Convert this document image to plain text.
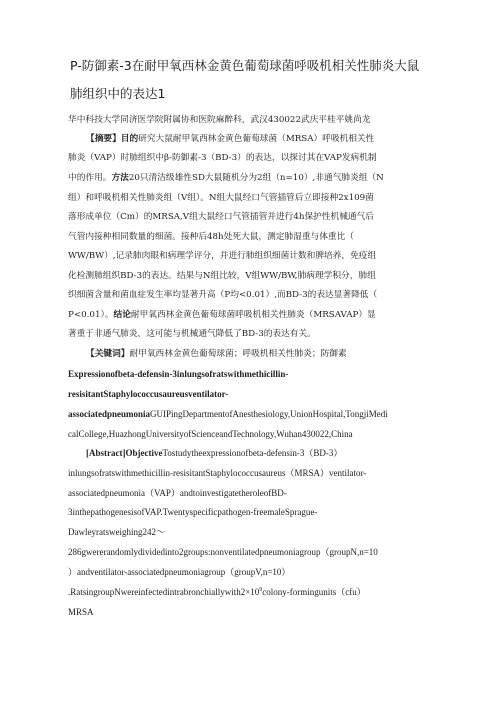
P-防御素-3在耐甲氧西林金黄色葡萄球菌呼吸机相关性肺炎大鼠
肺组织中的表达1
华中科技大学同济医学院附属协和医院麻醉科，武汉430022武庆平桂平姚尚龙
【摘要】目的研究大鼠耐甲氧西林金黄色葡萄球菌（MRSA）呼吸机相关性
肺炎（VAP）时肺组织中β-防御素-3（BD-3）的表达，以探讨其在VAP发病机制
中的作用。方法20只清洁级雄性SD大鼠随机分为2组（n=10）,非通气肺炎组（N
组）和呼吸机相关性肺炎组（V组）。N组大鼠经口气管插管后立即接种2x109菌
落形成单位（Cm）的MRSA,V组大鼠经口气管插管并进行4h保护性机械通气后
气管内接种相同数量的细菌。接种后48h处死大鼠，测定肺湿重与体重比（
WW/BW）,记录肺肉眼和病理学评分，并进行肺组织细菌计数和脾培养，免疫组
化检测肺组织BD-3的表达。结果与N组比较，V组WW/BW,肺病理学积分，肺组
织细菌含量和菌血症发生率均显著升高（P均<0.01）,而BD-3的表达显著降低（
P<0.01）。结论耐甲氧西林金黄色葡萄球菌呼吸机相关性肺炎（MRSAVAP）显
著重于非通气肺炎，这可能与机械通气降低了BD-3的表达有关。
【关键词】耐甲氧西林金黄色葡萄球菌；呼吸机相关性肺炎；防御素
Expressionofbeta-defensin-3inlungsofratswithmethicillin-
resisitantStaphylococcusaureusventilator-
associatedpneumoniaGUIPingDepartmentofAnesthesiology,UnionHospital,TongjiMedi
calCollege,HuazhongUniversityofScienceandTechnology,Wuhan430022,China
[Abstract]ObjectiveTostudytheexpressionofbeta-defensin-3（BD-3）
inlungsofratswithmethicillin-resisitantStaphylococcusaureus（MRSA）ventilator-
associatedpneumonia（VAP）andtoinvestigatetheroleofBD-
3inthepathogenesisofVAP.Twentyspecificpathogen-freemaleSprague-
Dawleyratsweighing242～
286gwererandomlydividedinto2groups:nonventilatedpneumoniagroup（groupN,n=10
）andventilator-associatedpneumoniagroup（groupV,n=10）
$.RatsingroupNwereinfectedintrabronchiallywith2\times 10^9colony-formingunits(cfu)$
MRSA
